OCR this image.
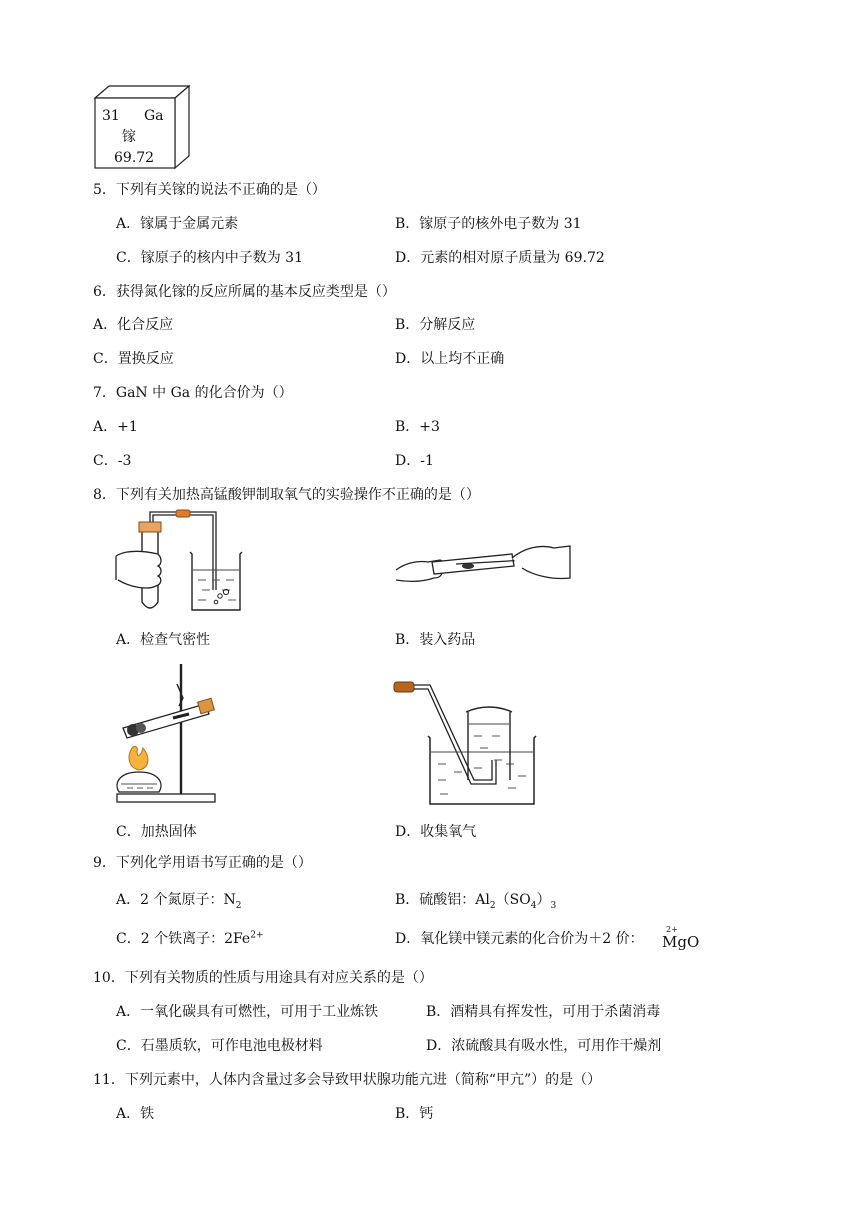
31 Ga
镓
69.72
5．下列有关镓的说法不正确的是（）
A．镓属于金属元素	B．镓原子的核外电子数为 31
C．镓原子的核内中子数为 31	D．元素的相对原子质量为 69.72
6．获得氮化镓的反应所属的基本反应类型是（）
A．化合反应	B．分解反应
C．置换反应	D．以上均不正确
7．GaN 中 Ga 的化合价为（）
A．+1	B．+3
C．-3	D．-1
8．下列有关加热高锰酸钾制取氧气的实验操作不正确的是（）
A．检查气密性	B．装入药品
C．加热固体	D．收集氧气
9．下列化学用语书写正确的是（）
A．2 个氮原子：$N_2$	B．硫酸铝：$Al_2(SO_4)_3$
C．2 个铁离子：$2Fe^{2+}$	D．氧化镁中镁元素的化合价为＋2 价：
2+
MgO
10．下列有关物质的性质与用途具有对应关系的是（）
A．一氧化碳具有可燃性，可用于工业炼铁	B．酒精具有挥发性，可用于杀菌消毒
C．石墨质软，可作电池电极材料	D．浓硫酸具有吸水性，可用作干燥剂
11．下列元素中，人体内含量过多会导致甲状腺功能亢进（简称“甲亢”）的是（）
A．铁	B．钙
